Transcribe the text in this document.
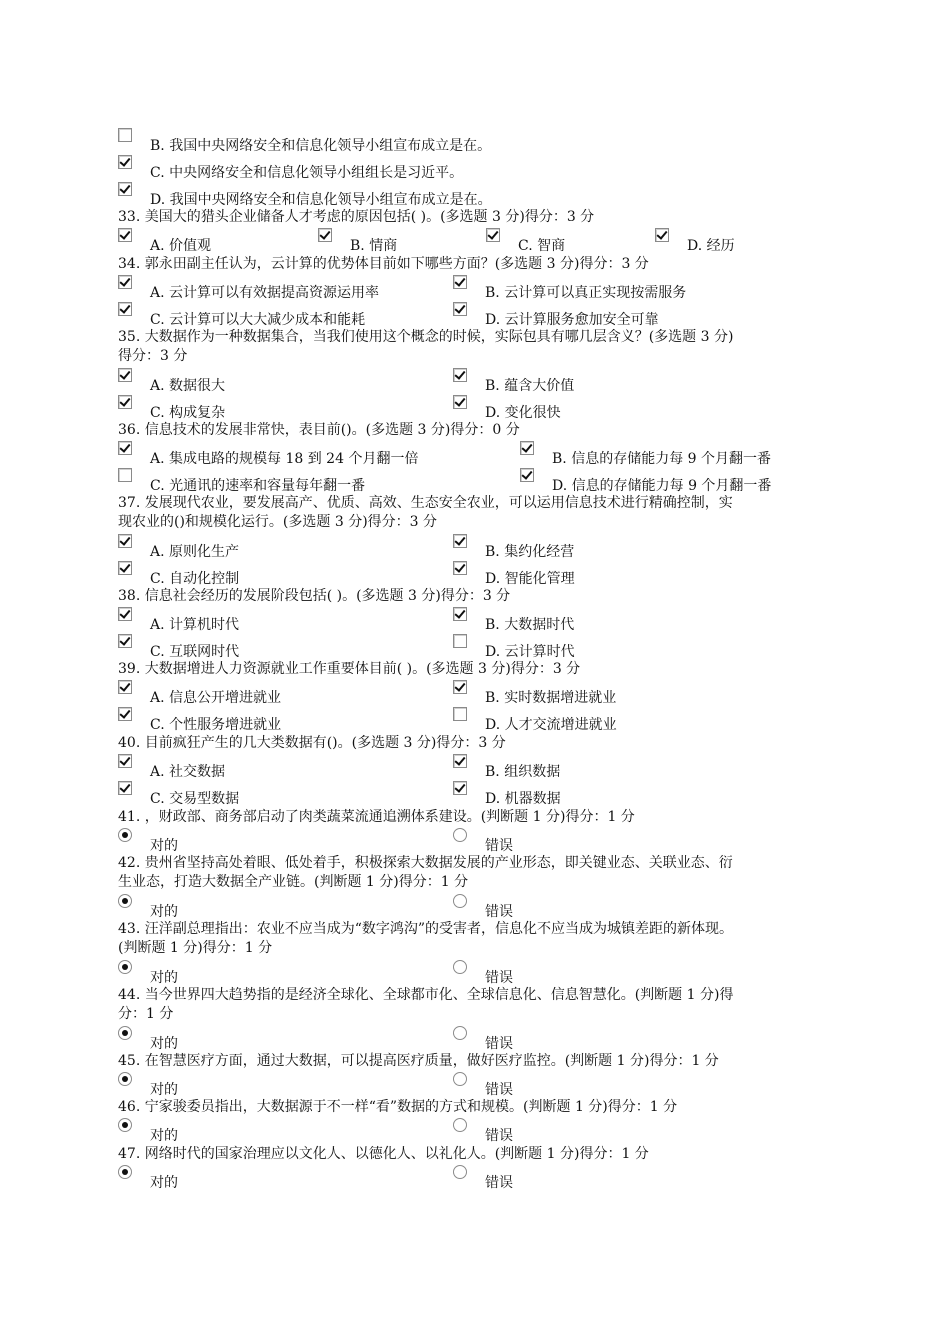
B. 我国中央网络安全和信息化领导小组宣布成立是在。
C. 中央网络安全和信息化领导小组组长是习近平。
D. 我国中央网络安全和信息化领导小组宣布成立是在。
33. 美国大的猎头企业储备人才考虑的原因包括( )。(多选题 3 分)得分：3 分
A. 价值观	B. 情商	C. 智商	D. 经历
34. 郭永田副主任认为，云计算的优势体目前如下哪些方面？(多选题 3 分)得分：3 分
A. 云计算可以有效据提高资源运用率	B. 云计算可以真正实现按需服务
C. 云计算可以大大减少成本和能耗	D. 云计算服务愈加安全可靠
35. 大数据作为一种数据集合，当我们使用这个概念的时候，实际包具有哪几层含义？(多选题 3 分)
得分：3 分
A. 数据很大	B. 蕴含大价值
C. 构成复杂	D. 变化很快
36. 信息技术的发展非常快，表目前()。(多选题 3 分)得分：0 分
A. 集成电路的规模每 18 到 24 个月翻一倍	B. 信息的存储能力每 9 个月翻一番
C. 光通讯的速率和容量每年翻一番	D. 信息的存储能力每 9 个月翻一番
37. 发展现代农业，要发展高产、优质、高效、生态安全农业，可以运用信息技术进行精确控制，实
现农业的()和规模化运行。(多选题 3 分)得分：3 分
A. 原则化生产	B. 集约化经营
C. 自动化控制	D. 智能化管理
38. 信息社会经历的发展阶段包括( )。(多选题 3 分)得分：3 分
A. 计算机时代	B. 大数据时代
C. 互联网时代	D. 云计算时代
39. 大数据增进人力资源就业工作重要体目前( )。(多选题 3 分)得分：3 分
A. 信息公开增进就业	B. 实时数据增进就业
C. 个性服务增进就业	D. 人才交流增进就业
40. 目前疯狂产生的几大类数据有()。(多选题 3 分)得分：3 分
A. 社交数据	B. 组织数据
C. 交易型数据	D. 机器数据
41. ，财政部、商务部启动了肉类蔬菜流通追溯体系建设。(判断题 1 分)得分：1 分
对的	错误
42. 贵州省坚持高处着眼、低处着手，积极探索大数据发展的产业形态，即关键业态、关联业态、衍
生业态，打造大数据全产业链。(判断题 1 分)得分：1 分
对的	错误
43. 汪洋副总理指出：农业不应当成为“数字鸿沟”的受害者，信息化不应当成为城镇差距的新体现。
(判断题 1 分)得分：1 分
对的	错误
44. 当今世界四大趋势指的是经济全球化、全球都市化、全球信息化、信息智慧化。(判断题 1 分)得
分：1 分
对的	错误
45. 在智慧医疗方面，通过大数据，可以提高医疗质量，做好医疗监控。(判断题 1 分)得分：1 分
对的	错误
46. 宁家骏委员指出，大数据源于不一样“看”数据的方式和规模。(判断题 1 分)得分：1 分
对的	错误
47. 网络时代的国家治理应以文化人、以德化人、以礼化人。(判断题 1 分)得分：1 分
对的	错误
